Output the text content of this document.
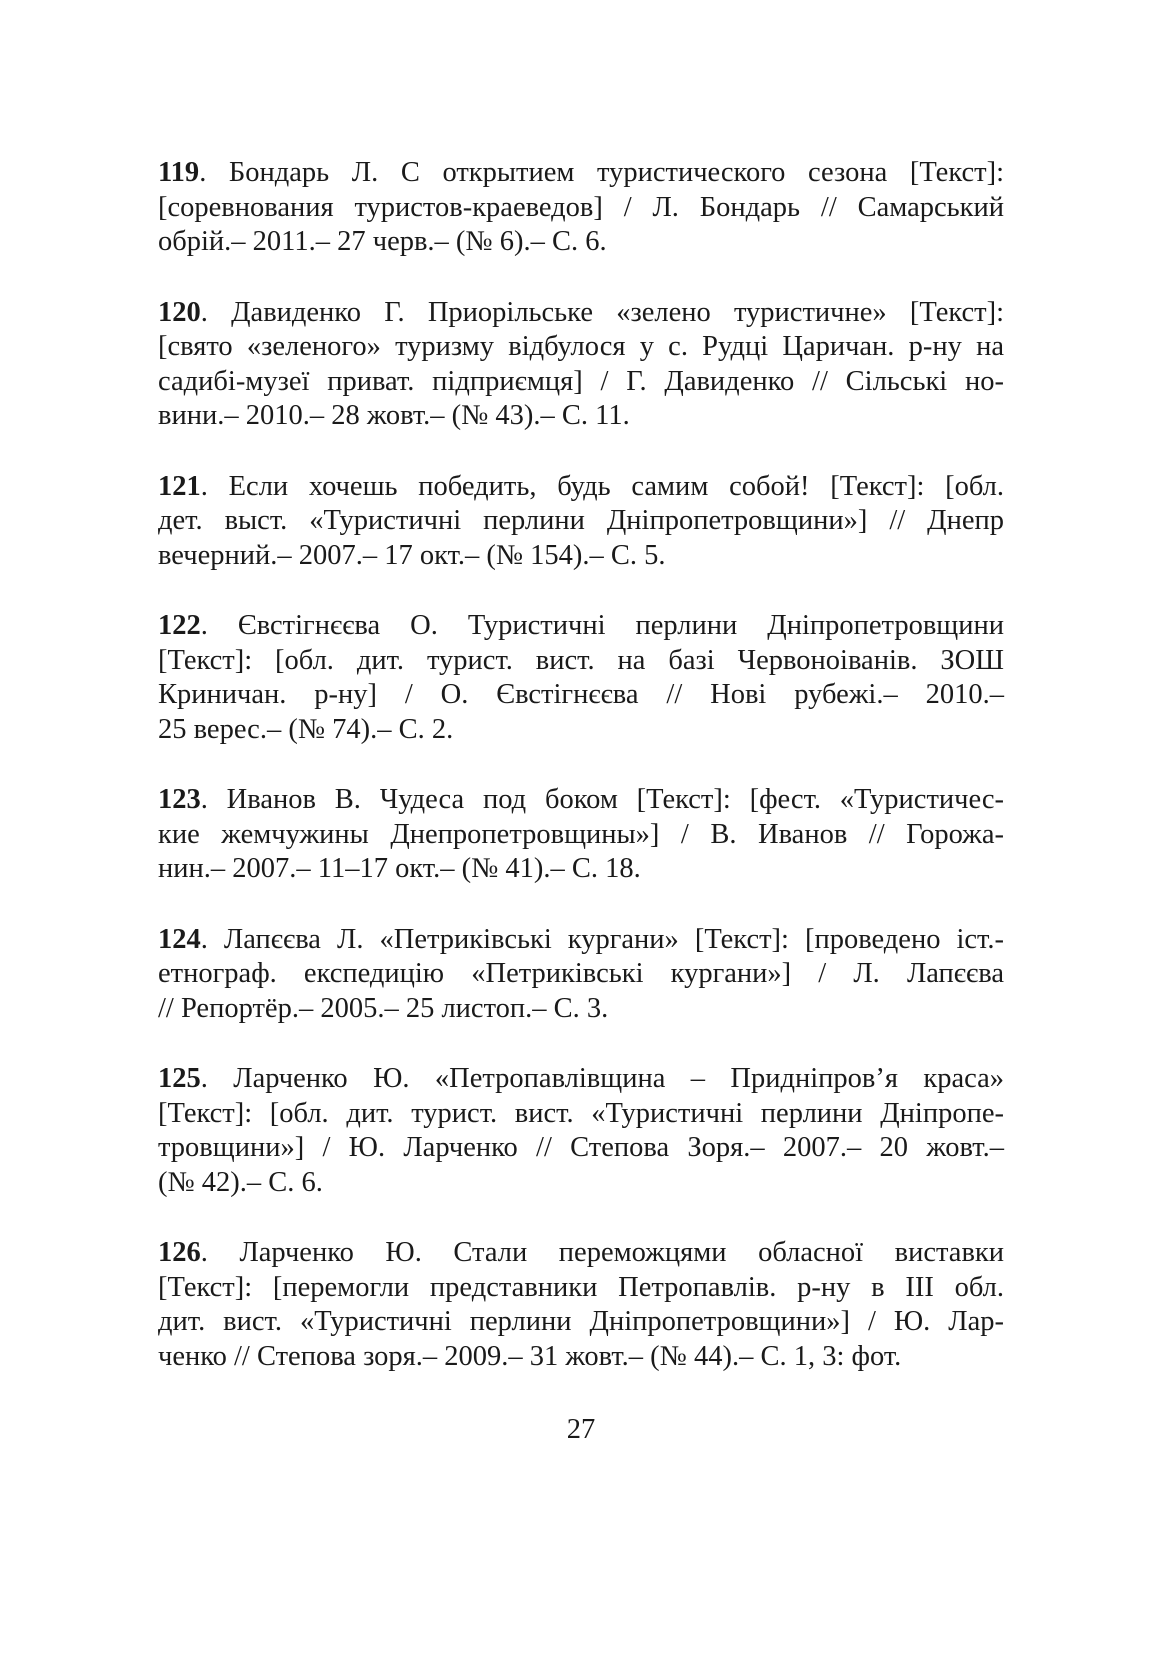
119. Бондарь Л. С открытием туристического сезона [Текст]:
[соревнования туристов-краеведов] / Л. Бондарь // Самарський
обрій.– 2011.– 27 черв.– (№ 6).– С. 6.
120. Давиденко Г. Приорільське «зелено туристичне» [Текст]:
[свято «зеленого» туризму відбулося у с. Рудці Царичан. р-ну на
садибі-музеї приват. підприємця] / Г. Давиденко // Сільські но-
вини.– 2010.– 28 жовт.– (№ 43).– С. 11.
121. Если хочешь победить, будь самим собой! [Текст]: [обл.
дет. выст. «Туристичні перлини Дніпропетровщини»] // Днепр
вечерний.– 2007.– 17 окт.– (№ 154).– С. 5.
122. Євстігнєєва О. Туристичні перлини Дніпропетровщини
[Текст]: [обл. дит. турист. вист. на базі Червоноіванів. ЗОШ
Криничан. р-ну] / О. Євстігнєєва // Нові рубежі.– 2010.–
25 верес.– (№ 74).– С. 2.
123. Иванов В. Чудеса под боком [Текст]: [фест. «Туристичес-
кие жемчужины Днепропетровщины»] / В. Иванов // Горожа-
нин.– 2007.– 11–17 окт.– (№ 41).– С. 18.
124. Лапєєва Л. «Петриківські кургани» [Текст]: [проведено іст.-
етнограф. експедицію «Петриківські кургани»] / Л. Лапєєва
// Репортёр.– 2005.– 25 листоп.– С. 3.
125. Ларченко Ю. «Петропавлівщина – Придніпров’я краса»
[Текст]: [обл. дит. турист. вист. «Туристичні перлини Дніпропе-
тровщини»] / Ю. Ларченко // Степова Зоря.– 2007.– 20 жовт.–
(№ 42).– С. 6.
126. Ларченко Ю. Стали переможцями обласної виставки
[Текст]: [перемогли представники Петропавлів. р-ну в ІІІ обл.
дит. вист. «Туристичні перлини Дніпропетровщини»] / Ю. Лар-
ченко // Степова зоря.– 2009.– 31 жовт.– (№ 44).– С. 1, 3: фот.
27
